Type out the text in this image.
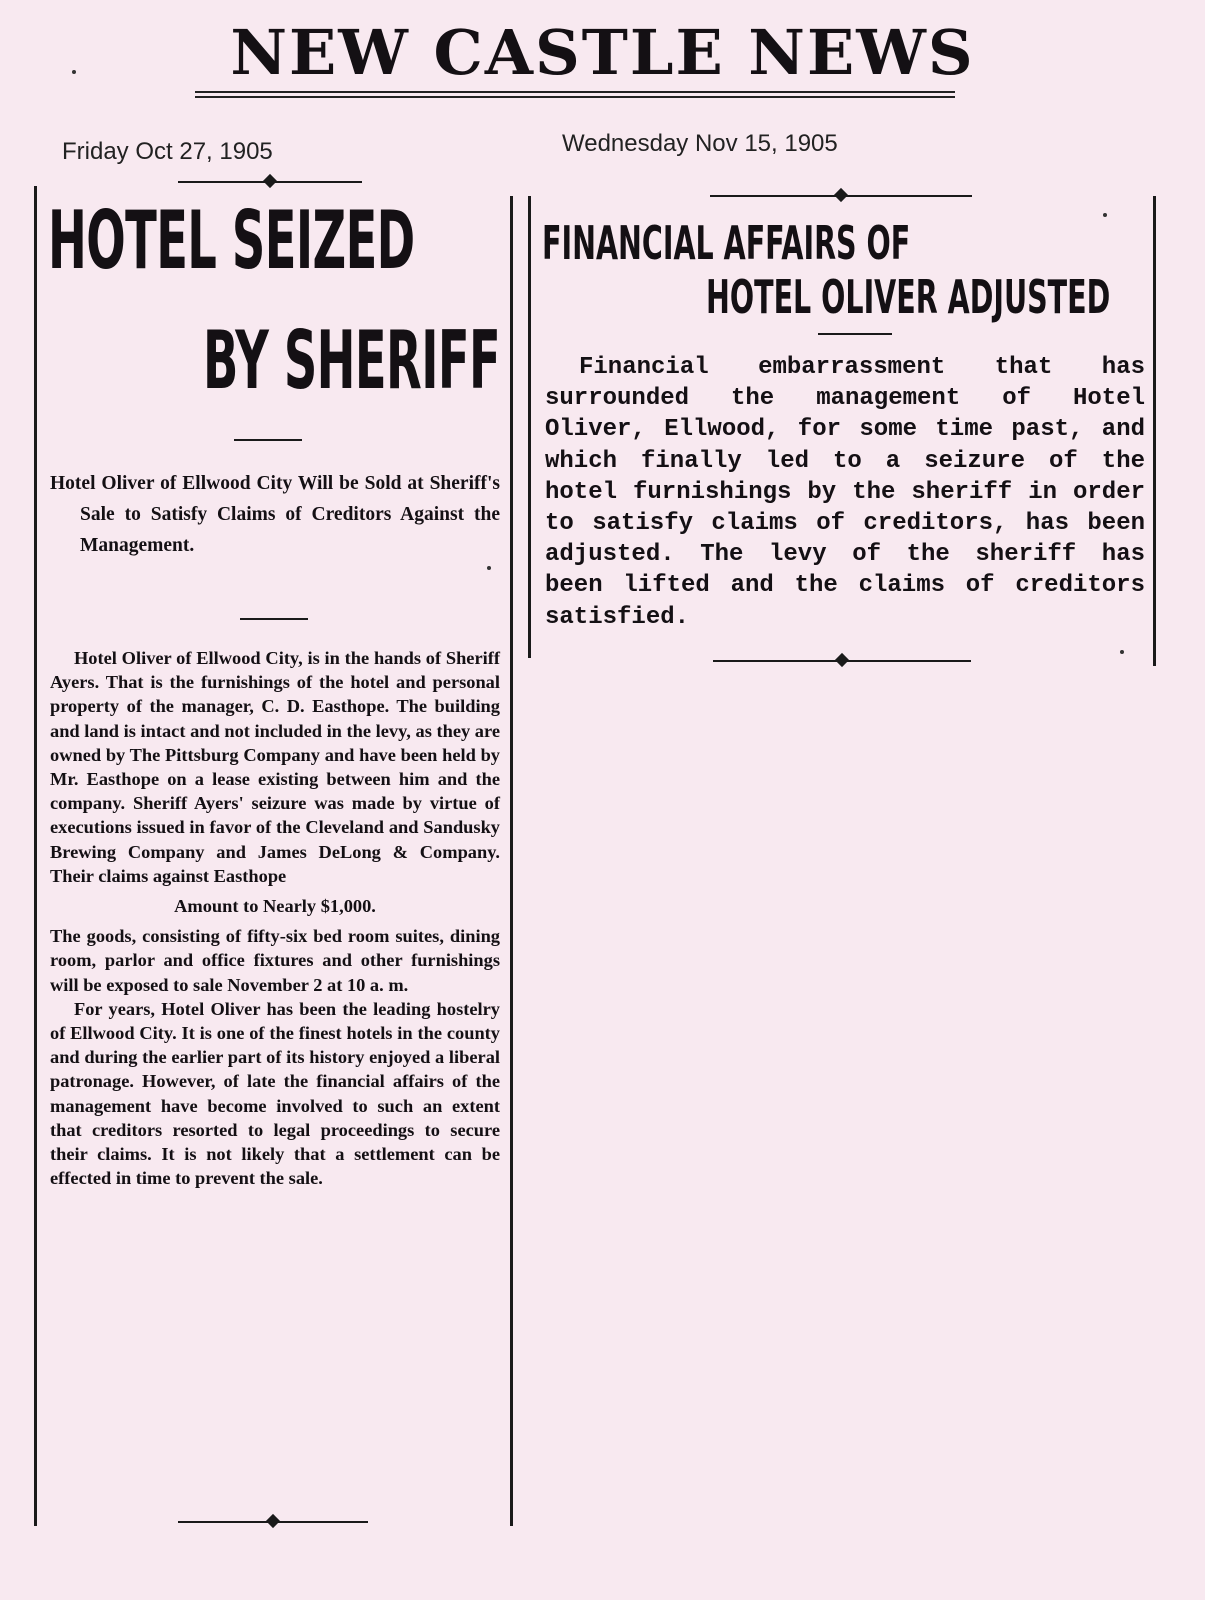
NEW CASTLE NEWS
Friday Oct 27, 1905	Wednesday Nov 15, 1905
HOTEL SEIZED
BY SHERIFF
Hotel Oliver of Ellwood City Will be Sold at Sheriff's Sale to Satisfy Claims of Creditors Against the Management.

Hotel Oliver of Ellwood City, is in the hands of Sheriff Ayers. That is the furnishings of the hotel and personal property of the manager, C. D. Easthope. The building and land is intact and not included in the levy, as they are owned by The Pittsburg Company and have been held by Mr. Easthope on a lease existing between him and the company. Sheriff Ayers' seizure was made by virtue of executions issued in favor of the Cleveland and Sandusky Brewing Company and James DeLong & Company. Their claims against Easthope

Amount to Nearly $1,000.

The goods, consisting of fifty-six bed room suites, dining room, parlor and office fixtures and other furnishings will be exposed to sale November 2 at 10 a. m.

For years, Hotel Oliver has been the leading hostelry of Ellwood City. It is one of the finest hotels in the county and during the earlier part of its history enjoyed a liberal patronage. However, of late the financial affairs of the management have become involved to such an extent that creditors resorted to legal proceedings to secure their claims. It is not likely that a settlement can be effected in time to prevent the sale.

FINANCIAL AFFAIRS OF
HOTEL OLIVER ADJUSTED
Financial embarrassment that has surrounded the management of Hotel Oliver, Ellwood, for some time past, and which finally led to a seizure of the hotel furnishings by the sheriff in order to satisfy claims of creditors, has been adjusted. The levy of the sheriff has been lifted and the claims of creditors satisfied.
